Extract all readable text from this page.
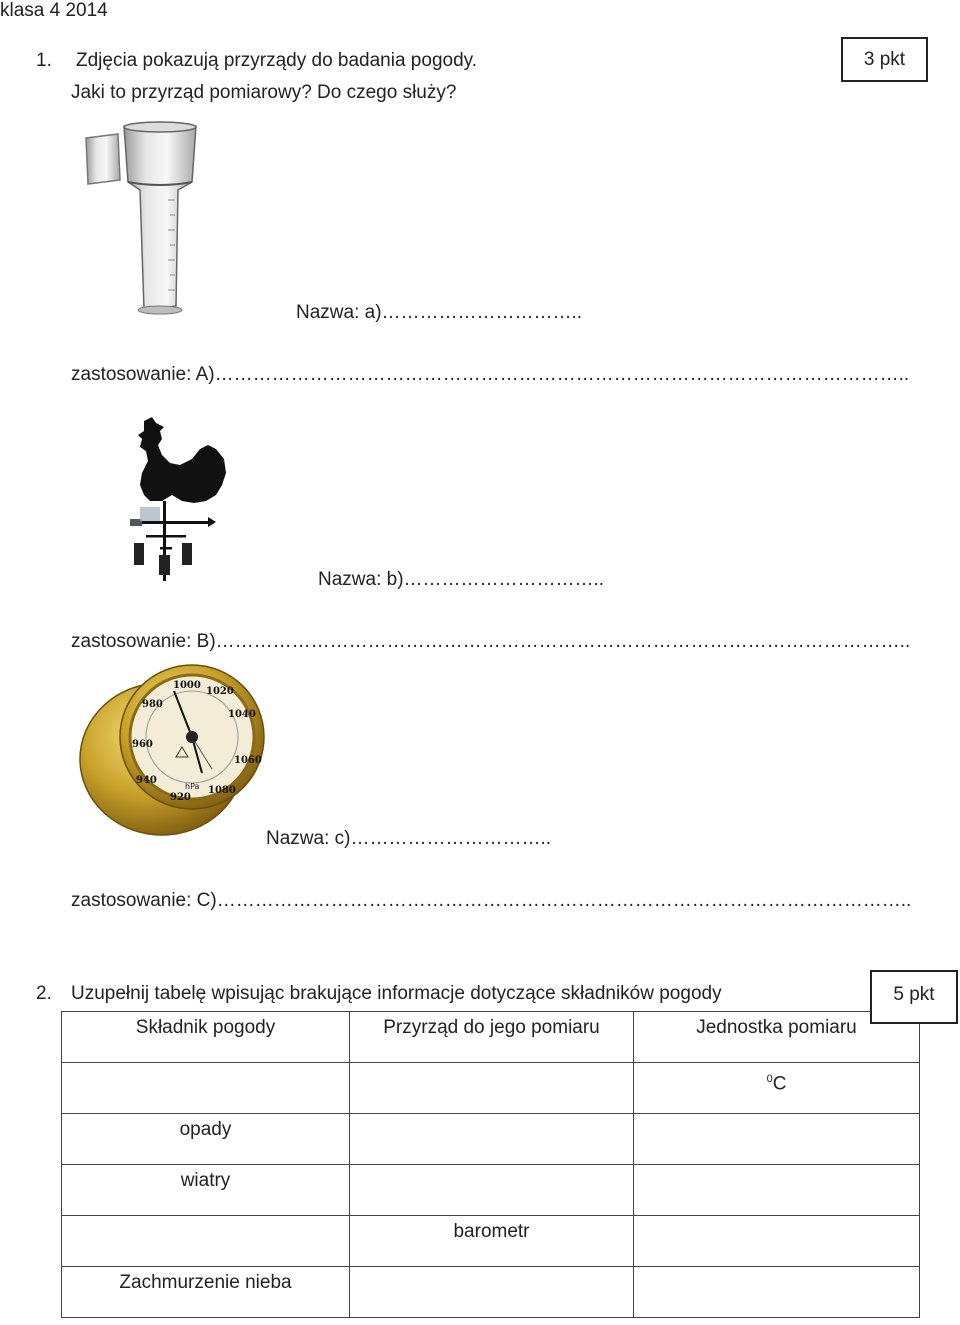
klasa 4 2014
1. Zdjęcia pokazują przyrządy do badania pogody.
Jaki to przyrząd pomiarowy? Do czego służy?
3 pkt
Nazwa: a)…………………………..
zastosowanie: A)………………………………………………………………………………………………..
Nazwa: b)…………………………..
zastosowanie: B)………………………………………………………………………………………………..
1000
1020
1040
1060
1080
920
940
960
980
hPa
Nazwa: c)…………………………..
zastosowanie: C)………………………………………………………………………………………………..
2. Uzupełnij tabelę wpisując brakujące informacje dotyczące składników pogody
Składnik pogody	Przyrząd do jego pomiaru	Jednostka pomiaru

		$^0$C

opady		

wiatry		

	barometr	

Zachmurzenie nieba		

5 pkt
